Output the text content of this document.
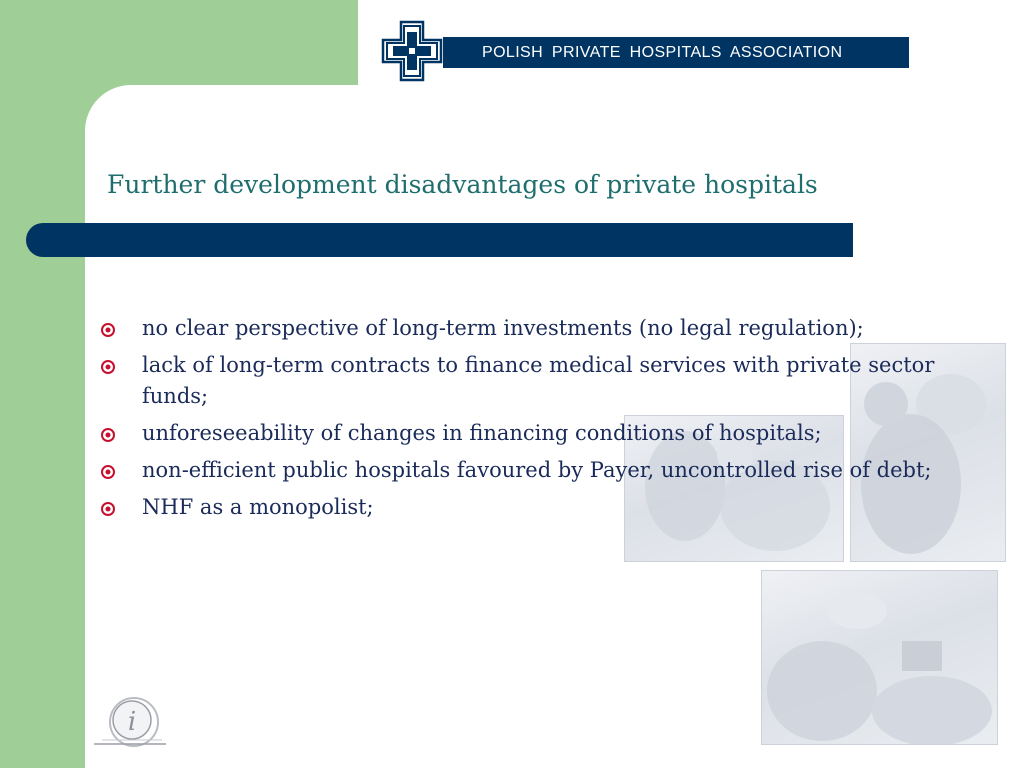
POLISH PRIVATE HOSPITALS ASSOCIATION
Further development disadvantages of private hospitals
no clear perspective of long-term investments (no legal regulation);
lack of long-term contracts to finance medical services with private sector funds;
unforeseeability of changes in financing conditions of hospitals;
non-efficient public hospitals favoured by Payer, uncontrolled rise of debt;
NHF as a monopolist;
i
